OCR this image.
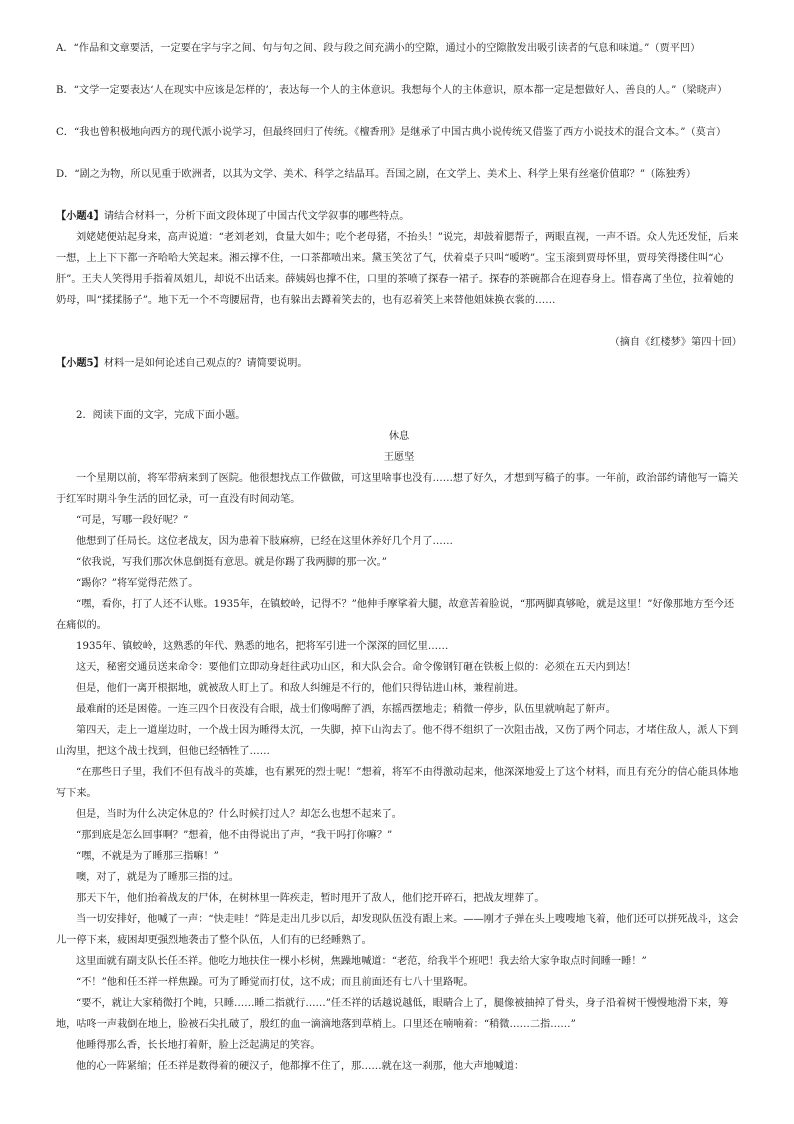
A．“作品和文章要活，一定要在字与字之间、句与句之间、段与段之间充满小的空隙，通过小的空隙散发出吸引读者的气息和味道。”（贾平凹）

B．“文学一定要表达‘人在现实中应该是怎样的’，表达每一个人的主体意识。我想每个人的主体意识，原本都一定是想做好人、善良的人。”（梁晓声）

C．“我也曾积极地向西方的现代派小说学习，但最终回归了传统。《檀香刑》是继承了中国古典小说传统又借鉴了西方小说技术的混合文本。”（莫言）

D．“剧之为物，所以见重于欧洲者，以其为文学、美术、科学之结晶耳。吾国之剧，在文学上、美术上、科学上果有丝毫价值耶？”（陈独秀）

【小题4】请结合材料一，分析下面文段体现了中国古代文学叙事的哪些特点。

刘姥姥便站起身来，高声说道：“老刘老刘，食量大如牛；吃个老母猪，不抬头！”说完，却鼓着腮帮子，两眼直视，一声不语。众人先还发怔，后来一想，上上下下都一齐哈哈大笑起来。湘云撑不住，一口茶都喷出来。黛玉笑岔了气，伏着桌子只叫“嗳哟”。宝玉滚到贾母怀里，贾母笑得搂住叫“心肝”。王夫人笑得用手指着凤姐儿，却说不出话来。薛姨妈也撑不住，口里的茶喷了探春一裙子。探春的茶碗都合在迎春身上。惜春离了坐位，拉着她的奶母，叫“揉揉肠子”。地下无一个不弯腰屈背，也有躲出去蹲着笑去的，也有忍着笑上来替他姐妹换衣裳的……

（摘自《红楼梦》第四十回）

【小题5】材料一是如何论述自己观点的？请简要说明。

2．阅读下面的文字，完成下面小题。

休息

王愿坚

一个星期以前，将军带病来到了医院。他很想找点工作做做，可这里啥事也没有……想了好久，才想到写稿子的事。一年前，政治部约请他写一篇关于红军时期斗争生活的回忆录，可一直没有时间动笔。

“可是，写哪一段好呢？”

他想到了任局长。这位老战友，因为患着下肢麻痹，已经在这里休养好几个月了……

“依我说，写我们那次休息倒挺有意思。就是你踢了我两脚的那一次。”

“踢你？”将军觉得茫然了。

“嘿，看你，打了人还不认账。1935年，在镇蛟岭，记得不？”他伸手摩挲着大腿，故意苦着脸说，“那两脚真够呛，就是这里！”好像那地方至今还在痛似的。

1935年、镇蛟岭，这熟悉的年代、熟悉的地名，把将军引进一个深深的回忆里……

这天，秘密交通员送来命令：要他们立即动身赶往武功山区，和大队会合。命令像钢钉砸在铁板上似的：必须在五天内到达！

但是，他们一离开根据地，就被敌人盯上了。和敌人纠缠是不行的，他们只得钻进山林，兼程前进。

最难耐的还是困倦。一连三四个日夜没有合眼，战士们像喝醉了酒，东摇西摆地走；稍微一停步，队伍里就响起了鼾声。

第四天，走上一道崖边时，一个战士因为睡得太沉，一失脚，掉下山沟去了。他不得不组织了一次阻击战，又伤了两个同志，才堵住敌人，派人下到山沟里，把这个战士找到，但他已经牺牲了……

“在那些日子里，我们不但有战斗的英雄，也有累死的烈士呢！”想着，将军不由得激动起来，他深深地爱上了这个材料，而且有充分的信心能具体地写下来。

但是，当时为什么决定休息的？什么时候打过人？却怎么也想不起来了。

“那到底是怎么回事啊？”想着，他不由得说出了声，“我干吗打你嘛？”

“嘿，不就是为了睡那三指嘛！”

噢，对了，就是为了睡那三指的过。

那天下午，他们抬着战友的尸体，在树林里一阵疾走，暂时甩开了敌人，他们挖开碎石，把战友埋葬了。

当一切安排好，他喊了一声：“快走哇！”阵是走出几步以后，却发现队伍没有跟上来。——刚才子弹在头上嗖嗖地飞着，他们还可以拼死战斗，这会儿一停下来，疲困却更强烈地袭击了整个队伍，人们有的已经睡熟了。

这里面就有副支队长任丕祥。他吃力地扶住一棵小杉树，焦躁地喊道：“老范，给我半个班吧！我去给大家争取点时间睡一睡！”

“不！”他和任丕祥一样焦躁。可为了睡觉而打仗，这不成；而且前面还有七八十里路呢。

“要不，就让大家稍微打个盹，只睡……睡二指就行……”任丕祥的话越说越低，眼睛合上了，腿像被抽掉了骨头，身子沿着树干慢慢地滑下来，筹地，咕咚一声栽倒在地上，脸被石尖扎破了，殷红的血一滴滴地落到草梢上。口里还在喃喃着：“稍微……二指……”

他睡得那么香，长长地打着鼾，脸上泛起满足的笑容。

他的心一阵紧缩；任丕祥是数得着的硬汉子，他都撑不住了，那……就在这一刹那，他大声地喊道：
